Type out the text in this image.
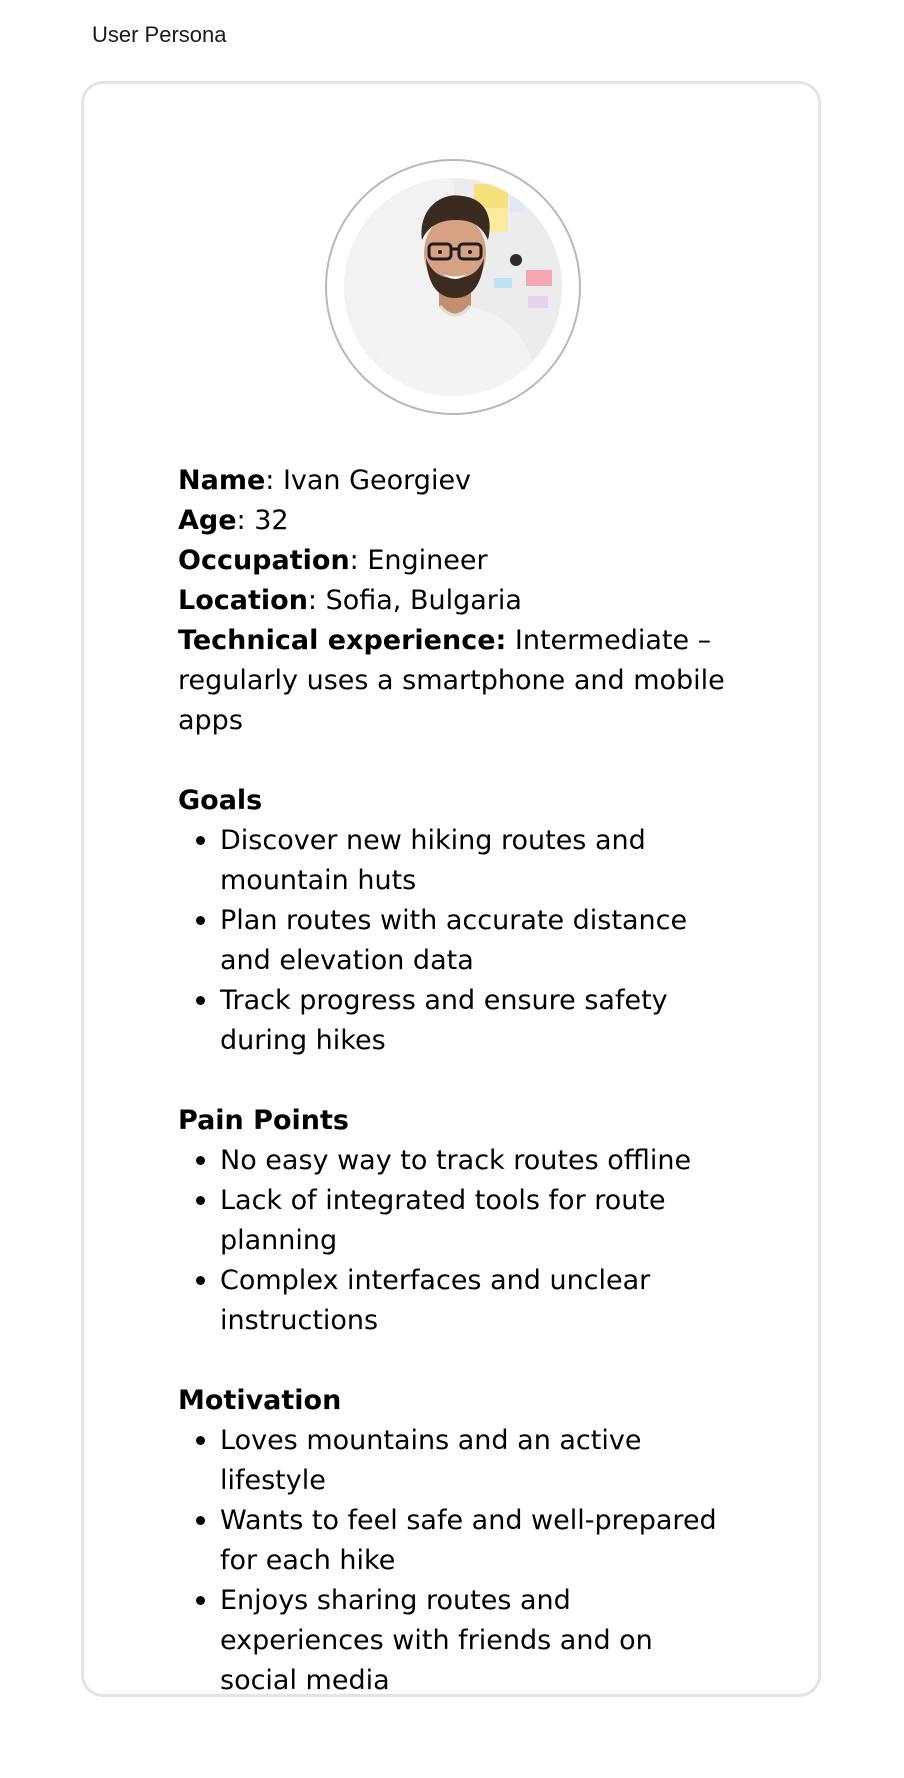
User Persona

Name: Ivan Georgiev

Age: 32

Occupation: Engineer

Location: Sofia, Bulgaria

Technical experience: Intermediate – regularly uses a smartphone and mobile apps

Goals

Discover new hiking routes and mountain huts
Plan routes with accurate distance and elevation data
Track progress and ensure safety during hikes

Pain Points

No easy way to track routes offline
Lack of integrated tools for route planning
Complex interfaces and unclear instructions

Motivation

Loves mountains and an active lifestyle
Wants to feel safe and well-prepared for each hike
Enjoys sharing routes and experiences with friends and on social media
